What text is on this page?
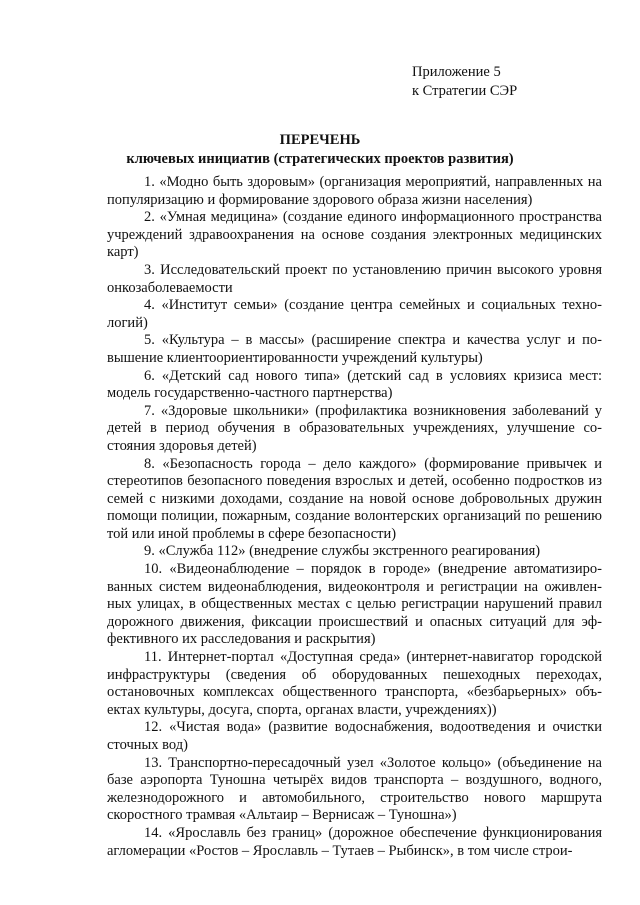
Приложение 5
к Стратегии СЭР
ПЕРЕЧЕНЬ
ключевых инициатив (стратегических проектов развития)

1. «Модно быть здоровым» (организация мероприятий, направленных на популяризацию и формирование здорового образа жизни населения)

2. «Умная медицина» (создание единого информационного пространства учреждений здравоохранения на основе создания электронных медицинских карт)

3. Исследовательский проект по установлению причин высокого уровня онкозаболеваемости

4. «Институт семьи» (создание центра семейных и социальных технологий)

5. «Культура – в массы» (расширение спектра и качества услуг и повышение клиентоориентированности учреждений культуры)

6. «Детский сад нового типа» (детский сад в условиях кризиса мест: модель государственно-частного партнерства)

7. «Здоровые школьники» (профилактика возникновения заболеваний у детей в период обучения в образовательных учреждениях, улучшение состояния здоровья детей)

8. «Безопасность города – дело каждого» (формирование привычек и стереотипов безопасного поведения взрослых и детей, особенно подростков из семей с низкими доходами, создание на новой основе добровольных дружин помощи полиции, пожарным, создание волонтерских организаций по решению той или иной проблемы в сфере безопасности)

9. «Служба 112» (внедрение службы экстренного реагирования)

10. «Видеонаблюдение – порядок в городе» (внедрение автоматизированных систем видеонаблюдения, видеоконтроля и регистрации на оживленных улицах, в общественных местах с целью регистрации нарушений правил дорожного движения, фиксации происшествий и опасных ситуаций для эффективного их расследования и раскрытия)

11. Интернет-портал «Доступная среда» (интернет-навигатор городской инфраструктуры (сведения об оборудованных пешеходных переходах, остановочных комплексах общественного транспорта, «безбарьерных» объектах культуры, досуга, спорта, органах власти, учреждениях))

12. «Чистая вода» (развитие водоснабжения, водоотведения и очистки сточных вод)

13. Транспортно-пересадочный узел «Золотое кольцо» (объединение на базе аэропорта Туношна четырёх видов транспорта – воздушного, водного, железнодорожного и автомобильного, строительство нового маршрута скоростного трамвая «Альтаир – Вернисаж – Туношна»)

14. «Ярославль без границ» (дорожное обеспечение функционирования агломерации «Ростов – Ярославль – Тутаев – Рыбинск», в том числе строи-
